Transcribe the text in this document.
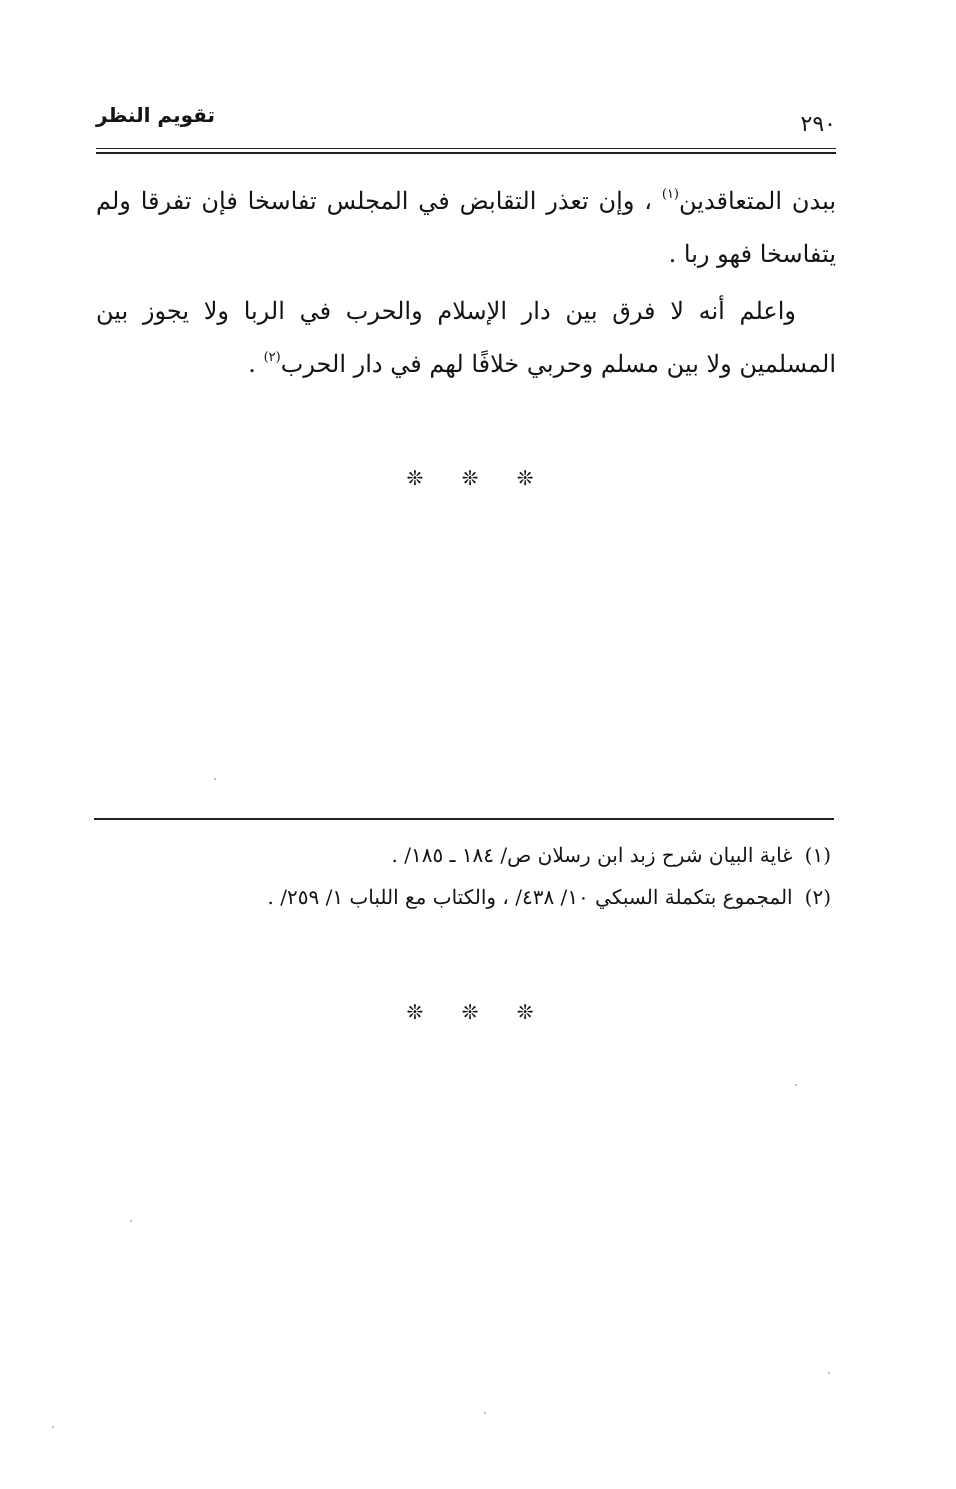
تقويم النظر	٢٩٠

ببدن المتعاقدين$^{(١)}$ ، وإن تعذر التقابض في المجلس تفاسخا فإن تفرقا ولم يتفاسخا فهو ربا .

واعلم أنه لا فرق بين دار الإسلام والحرب في الربا ولا يجوز بين المسلمين ولا بين مسلم وحربي خلافًا لهم في دار الحرب$^{(٢)}$ .

❊ ❊ ❊
(١)غاية البيان شرح زبد ابن رسلان ص/ ١٨٤ ـ ١٨٥/ .
(٢)المجموع بتكملة السبكي ١٠/ ٤٣٨/ ، والكتاب مع اللباب ١/ ٢٥٩/ .
❊ ❊ ❊
